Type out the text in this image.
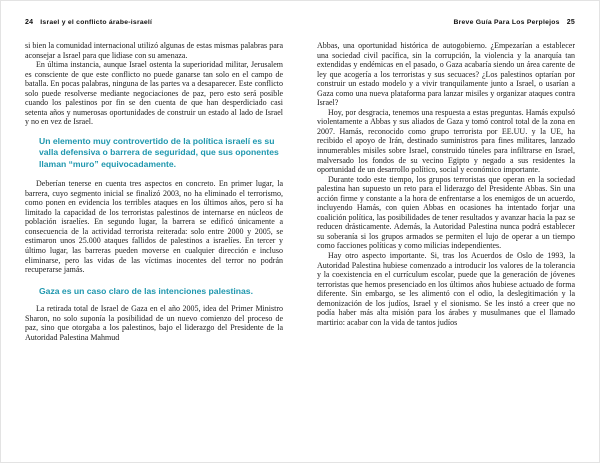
24 Israel y el conflicto árabe-israelí

si bien la comunidad internacional utilizó algunas de estas mismas palabras para aconsejar a Israel para que lidiase con su amenaza.

En última instancia, aunque Israel ostenta la superioridad militar, Jerusalem es consciente de que este conflicto no puede ganarse tan solo en el campo de batalla. En pocas palabras, ninguna de las partes va a desaparecer. Este conflicto solo puede resolverse mediante negociaciones de paz, pero esto será posible cuando los palestinos por fin se den cuenta de que han desperdiciado casi setenta años y numerosas oportunidades de construir un estado al lado de Israel y no en vez de Israel.

Un elemento muy controvertido de la política israelí es su valla defensiva o barrera de seguridad, que sus oponentes llaman “muro” equivocadamente.

Deberían tenerse en cuenta tres aspectos en concreto. En primer lugar, la barrera, cuyo segmento inicial se finalizó 2003, no ha eliminado el terrorismo, como ponen en evidencia los terribles ataques en los últimos años, pero sí ha limitado la capacidad de los terroristas palestinos de internarse en núcleos de población israelíes. En segundo lugar, la barrera se edificó únicamente a consecuencia de la actividad terrorista reiterada: solo entre 2000 y 2005, se estimaron unos 25.000 ataques fallidos de palestinos a israelíes. En tercer y último lugar, las barreras pueden moverse en cualquier dirección e incluso eliminarse, pero las vidas de las víctimas inocentes del terror no podrán recuperarse jamás.

Gaza es un caso claro de las intenciones palestinas.

La retirada total de Israel de Gaza en el año 2005, idea del Primer Ministro Sharon, no solo suponía la posibilidad de un nuevo comienzo del proceso de paz, sino que otorgaba a los palestinos, bajo el liderazgo del Presidente de la Autoridad Palestina Mahmud

Breve Guía Para Los Perplejos 25

Abbas, una oportunidad histórica de autogobierno. ¿Empezarían a establecer una sociedad civil pacífica, sin la corrupción, la violencia y la anarquía tan extendidas y endémicas en el pasado, o Gaza acabaría siendo un área carente de ley que acogería a los terroristas y sus secuaces? ¿Los palestinos optarían por construir un estado modelo y a vivir tranquilamente junto a Israel, o usarían a Gaza como una nueva plataforma para lanzar misiles y organizar ataques contra Israel?

Hoy, por desgracia, tenemos una respuesta a estas preguntas. Hamás expulsó violentamente a Abbas y sus aliados de Gaza y tomó control total de la zona en 2007. Hamás, reconocido como grupo terrorista por EE.UU. y la UE, ha recibido el apoyo de Irán, destinado suministros para fines militares, lanzado innumerables misiles sobre Israel, construido túneles para infiltrarse en Israel, malversado los fondos de su vecino Egipto y negado a sus residentes la oportunidad de un desarrollo político, social y económico importante.

Durante todo este tiempo, los grupos terroristas que operan en la sociedad palestina han supuesto un reto para el liderazgo del Presidente Abbas. Sin una acción firme y constante a la hora de enfrentarse a los enemigos de un acuerdo, incluyendo Hamás, con quien Abbas en ocasiones ha intentado forjar una coalición política, las posibilidades de tener resultados y avanzar hacia la paz se reducen drásticamente. Además, la Autoridad Palestina nunca podrá establecer su soberanía si los grupos armados se permiten el lujo de operar a un tiempo como facciones políticas y como milicias independientes.

Hay otro aspecto importante. Si, tras los Acuerdos de Oslo de 1993, la Autoridad Palestina hubiese comenzado a introducir los valores de la tolerancia y la coexistencia en el currículum escolar, puede que la generación de jóvenes terroristas que hemos presenciado en los últimos años hubiese actuado de forma diferente. Sin embargo, se les alimentó con el odio, la deslegitimación y la demonización de los judíos, Israel y el sionismo. Se les instó a creer que no podía haber más alta misión para los árabes y musulmanes que el llamado martirio: acabar con la vida de tantos judíos
